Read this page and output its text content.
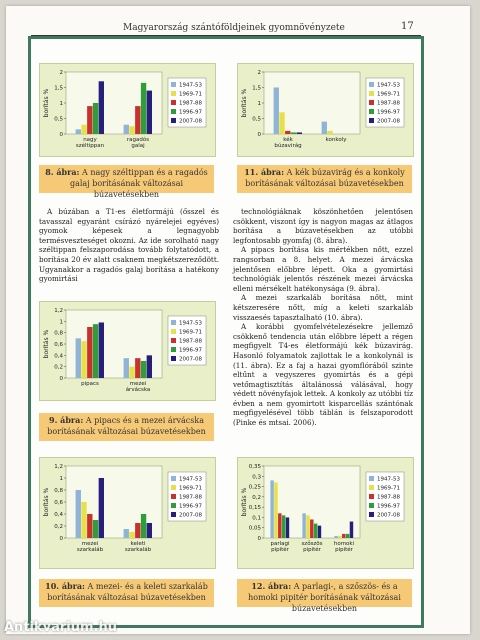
Magyarország szántóföldjeinek gyomnövényzete	17
0
0,5
1
1,5
2
borítás %
nagy
széltippan
ragadós
galaj
1947-53
1969-71
1987-88
1996-97
2007-08
8. ábra: A nagy széltippan és a ragadós galaj borításának változásai búzavetésekben
0
0,5
1
1,5
2
borítás %
kék
búzavirág
konkoly
1947-53
1969-71
1987-88
1996-97
2007-08
11. ábra: A kék búzavirág és a konkoly borításának változásai búzavetésekben

A búzában a T1-es életformájú (ősszel és tavasszal egyaránt csírázó nyárelejei egyéves) gyomok képesek a legnagyobb termésveszteséget okozni. Az ide sorolható nagy széltippan felszaporodása tovább folytatódott, a borítása 20 év alatt csaknem megkétszereződött. Ugyanakkor a ragadós galaj borítása a hatékony gyomirtási

0
0,2
0,4
0,6
0,8
1
1,2
borítás %
pipacs	mezei
árvácska
1947-53
1969-71
1987-88
1996-97
2007-08
9. ábra: A pipacs és a mezei árvácska borításának változásai búzavetésekben

technológiáknak köszönhetően jelentősen csökkent, viszont így is nagyon magas az átlagos borítása a búzavetésekben az utóbbi legfontosabb gyomfaj (8. ábra).

A pipacs borítása kis mértékben nőtt, ezzel rangsorban a 8. helyet. A mezei árvácska jelentősen előbbre lépett. Oka a gyomirtási technológiák jelentős részének mezei árvácska elleni mérsékelt hatékonysága (9. ábra).

A mezei szarkaláb borítása nőtt, mint kétszeresére nőtt, míg a keleti szarkaláb visszaesés tapasztalható (10. ábra).

A korábbi gyomfelvételezésekre jellemző csökkenő tendencia után előbbre lépett a régen megfigyelt T4-es életformájú kék búzavirág. Hasonló folyamatok zajlottak le a konkolynál is (11. ábra). Ez a faj a hazai gyomflórából szinte eltűnt a vegyszeres gyomirtás és a gépi vetőmagtisztítás általánossá válásával, hogy védett növényfajok lettek. A konkoly az utóbbi tíz évben a nem gyomirtott kisparcellás szántónak megfigyelésével több táblán is felszaporodott (Pinke és mtsai. 2006).

0
0,2
0,4
0,6
0,8
1
1,2
borítás %
mezei
szarkaláb
keleti
szarkaláb
1947-53
1969-71
1987-88
1996-97
2007-08
10. ábra: A mezei- és a keleti szarkaláb borításának változásai búzavetésekben
0
0,05
0,1
0,15
0,2
0,25
0,3
0,35
borítás %
parlagi
pipitér
szőszös
pipitér
homoki
pipitér
1947-53
1969-71
1987-88
1996-97
2007-08
12. ábra: A parlagi-, a szőszös- és a homoki pipitér borításának változásai búzavetésekben
Antikvarium.hu
